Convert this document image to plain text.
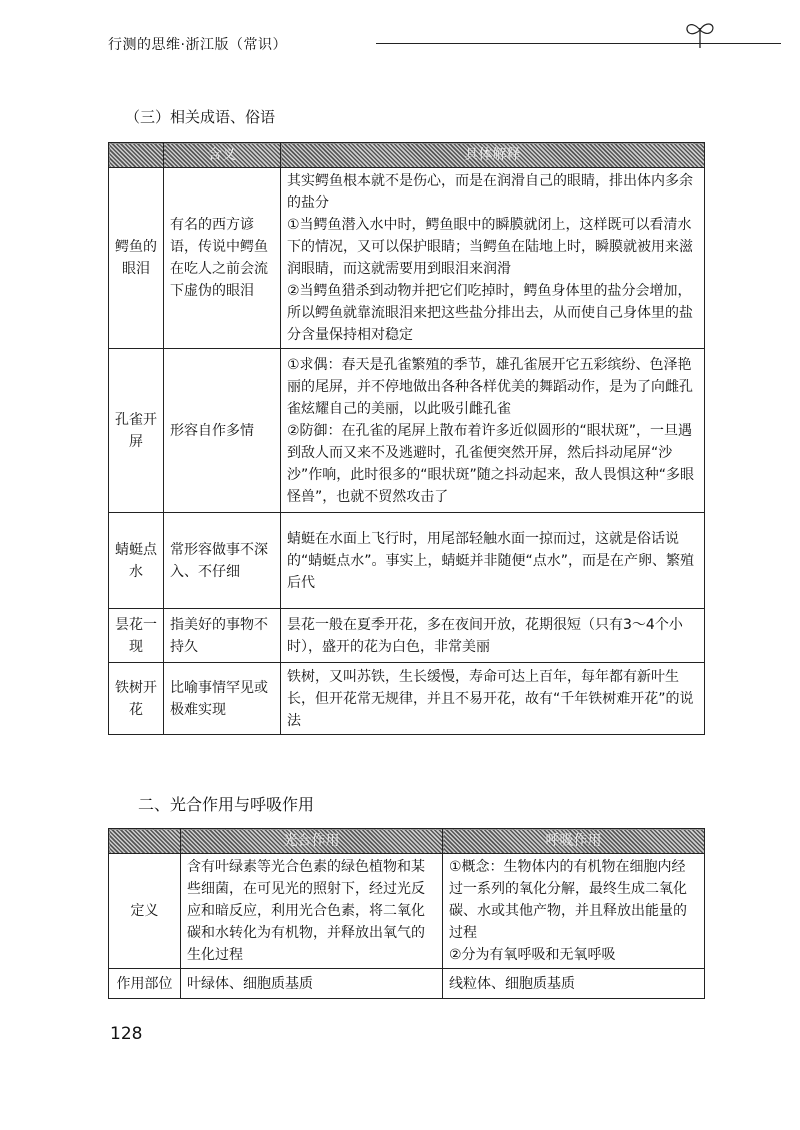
行测的思维·浙江版（常识）
（三）相关成语、俗语
	含义	具体解释
鳄鱼的眼泪	有名的西方谚语，传说中鳄鱼在吃人之前会流下虚伪的眼泪	其实鳄鱼根本就不是伤心，而是在润滑自己的眼睛，排出体内多余的盐分

①当鳄鱼潜入水中时，鳄鱼眼中的瞬膜就闭上，这样既可以看清水下的情况，又可以保护眼睛；当鳄鱼在陆地上时，瞬膜就被用来滋润眼睛，而这就需要用到眼泪来润滑

②当鳄鱼猎杀到动物并把它们吃掉时，鳄鱼身体里的盐分会增加，所以鳄鱼就靠流眼泪来把这些盐分排出去，从而使自己身体里的盐分含量保持相对稳定

孔雀开屏	形容自作多情	①求偶：春天是孔雀繁殖的季节，雄孔雀展开它五彩缤纷、色泽艳丽的尾屏，并不停地做出各种各样优美的舞蹈动作，是为了向雌孔雀炫耀自己的美丽，以此吸引雌孔雀

②防御：在孔雀的尾屏上散布着许多近似圆形的“眼状斑”，一旦遇到敌人而又来不及逃避时，孔雀便突然开屏，然后抖动尾屏“沙沙”作响，此时很多的“眼状斑”随之抖动起来，敌人畏惧这种“多眼怪兽”，也就不贸然攻击了

蜻蜓点水	常形容做事不深入、不仔细	蜻蜓在水面上飞行时，用尾部轻触水面一掠而过，这就是俗话说的“蜻蜓点水”。事实上，蜻蜓并非随便“点水”，而是在产卵、繁殖后代

昙花一现	指美好的事物不持久	昙花一般在夏季开花，多在夜间开放，花期很短（只有3～4个小时），盛开的花为白色，非常美丽

铁树开花	比喻事情罕见或极难实现	铁树，又叫苏铁，生长缓慢，寿命可达上百年，每年都有新叶生长，但开花常无规律，并且不易开花，故有“千年铁树难开花”的说法

二、光合作用与呼吸作用
	光合作用	呼吸作用
定义	含有叶绿素等光合色素的绿色植物和某些细菌，在可见光的照射下，经过光反应和暗反应，利用光合色素，将二氧化碳和水转化为有机物，并释放出氧气的生化过程	①概念：生物体内的有机物在细胞内经过一系列的氧化分解，最终生成二氧化碳、水或其他产物，并且释放出能量的过程

②分为有氧呼吸和无氧呼吸

作用部位	叶绿体、细胞质基质	线粒体、细胞质基质

128
